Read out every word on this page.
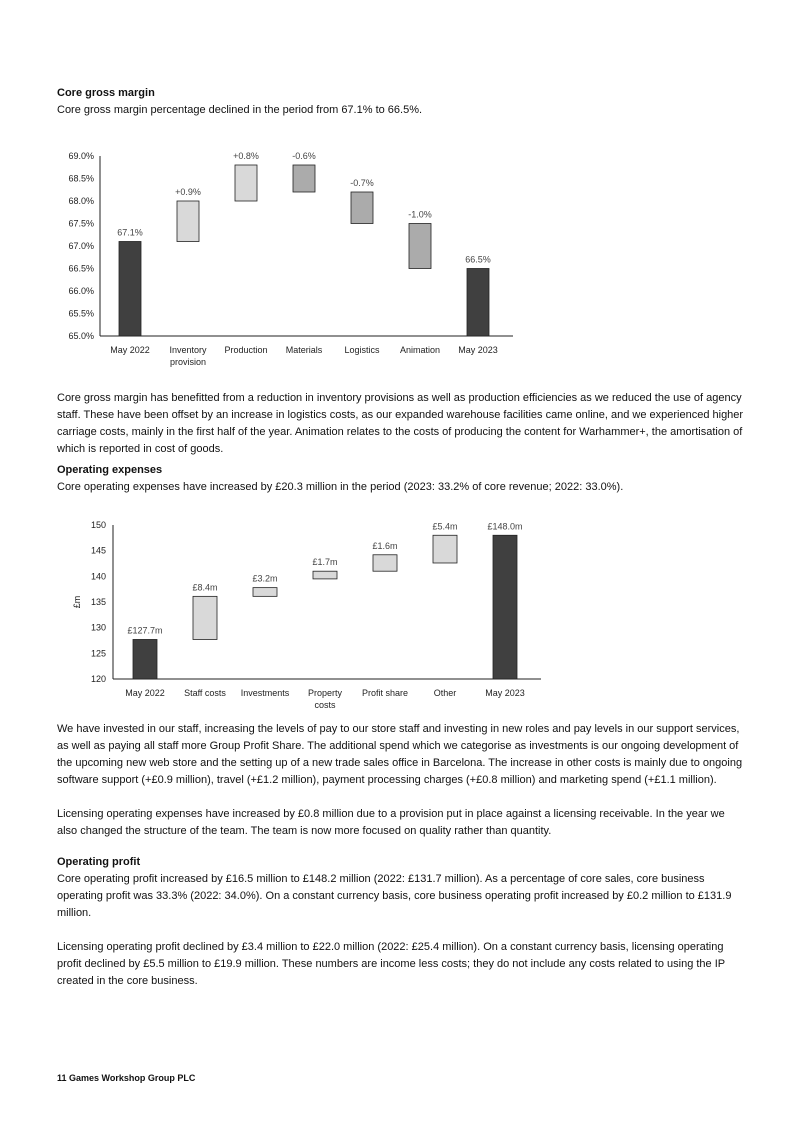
Core gross margin

Core gross margin percentage declined in the period from 67.1% to 66.5%.

65.0%
65.5%
66.0%
66.5%
67.0%
67.5%
68.0%
68.5%
69.0%
67.1%
May 2022
+0.9%
Inventory
provision
+0.8%
Production
-0.6%
Materials
-0.7%
Logistics
-1.0%
Animation
66.5%
May 2023

Core gross margin has benefitted from a reduction in inventory provisions as well as production efficiencies as we reduced the use of agency staff. These have been offset by an increase in logistics costs, as our expanded warehouse facilities came online, and we experienced higher carriage costs, mainly in the first half of the year. Animation relates to the costs of producing the content for Warhammer+, the amortisation of which is reported in cost of goods.

Operating expenses

Core operating expenses have increased by £20.3 million in the period (2023: 33.2% of core revenue; 2022: 33.0%).

120
125
130
135
140
145
150
£m
£127.7m
May 2022
£8.4m
Staff costs
£3.2m
Investments
£1.7m
Property
costs
£1.6m
Profit share
£5.4m
Other
£148.0m
May 2023

We have invested in our staff, increasing the levels of pay to our store staff and investing in new roles and pay levels in our support services, as well as paying all staff more Group Profit Share. The additional spend which we categorise as investments is our ongoing development of the upcoming new web store and the setting up of a new trade sales office in Barcelona. The increase in other costs is mainly due to ongoing software support (+£0.9 million), travel (+£1.2 million), payment processing charges (+£0.8 million) and marketing spend (+£1.1 million).

Licensing operating expenses have increased by £0.8 million due to a provision put in place against a licensing receivable. In the year we also changed the structure of the team. The team is now more focused on quality rather than quantity.

Operating profit

Core operating profit increased by £16.5 million to £148.2 million (2022: £131.7 million). As a percentage of core sales, core business operating profit was 33.3% (2022: 34.0%). On a constant currency basis, core business operating profit increased by £0.2 million to £131.9 million.

Licensing operating profit declined by £3.4 million to £22.0 million (2022: £25.4 million). On a constant currency basis, licensing operating profit declined by £5.5 million to £19.9 million. These numbers are income less costs; they do not include any costs related to using the IP created in the core business.

11 Games Workshop Group PLC
